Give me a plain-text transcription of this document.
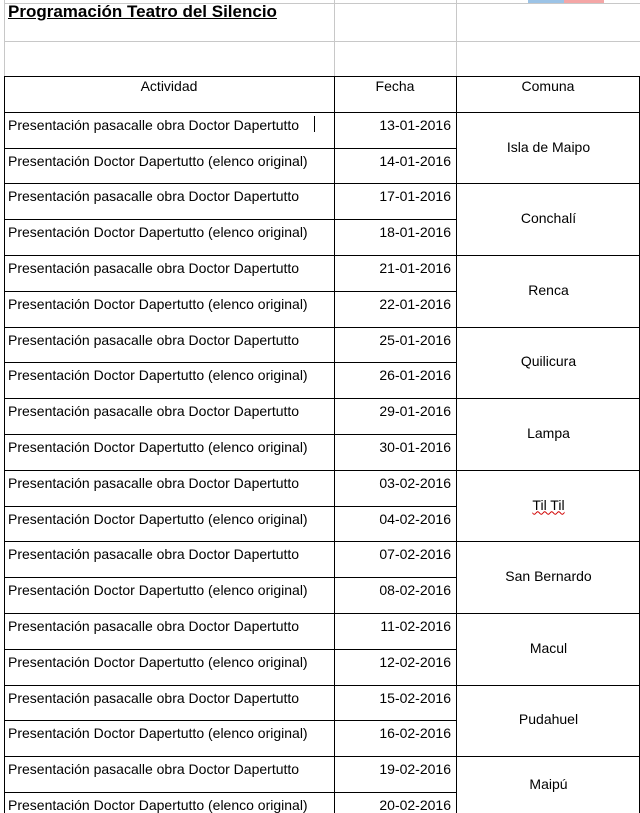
Programación Teatro del Silencio
Actividad	Fecha	Comuna
Presentación pasacalle obra Doctor Dapertutto	13-01-2016
Presentación Doctor Dapertutto (elenco original)	14-01-2016
Isla de Maipo
Presentación pasacalle obra Doctor Dapertutto	17-01-2016
Presentación Doctor Dapertutto (elenco original)	18-01-2016
Conchalí
Presentación pasacalle obra Doctor Dapertutto	21-01-2016
Presentación Doctor Dapertutto (elenco original)	22-01-2016
Renca
Presentación pasacalle obra Doctor Dapertutto	25-01-2016
Presentación Doctor Dapertutto (elenco original)	26-01-2016
Quilicura
Presentación pasacalle obra Doctor Dapertutto	29-01-2016
Presentación Doctor Dapertutto (elenco original)	30-01-2016
Lampa
Presentación pasacalle obra Doctor Dapertutto	03-02-2016
Presentación Doctor Dapertutto (elenco original)	04-02-2016
Til Til
Presentación pasacalle obra Doctor Dapertutto	07-02-2016
Presentación Doctor Dapertutto (elenco original)	08-02-2016
San Bernardo
Presentación pasacalle obra Doctor Dapertutto	11-02-2016
Presentación Doctor Dapertutto (elenco original)	12-02-2016
Macul
Presentación pasacalle obra Doctor Dapertutto	15-02-2016
Presentación Doctor Dapertutto (elenco original)	16-02-2016
Pudahuel
Presentación pasacalle obra Doctor Dapertutto	19-02-2016
Presentación Doctor Dapertutto (elenco original)	20-02-2016
Maipú
